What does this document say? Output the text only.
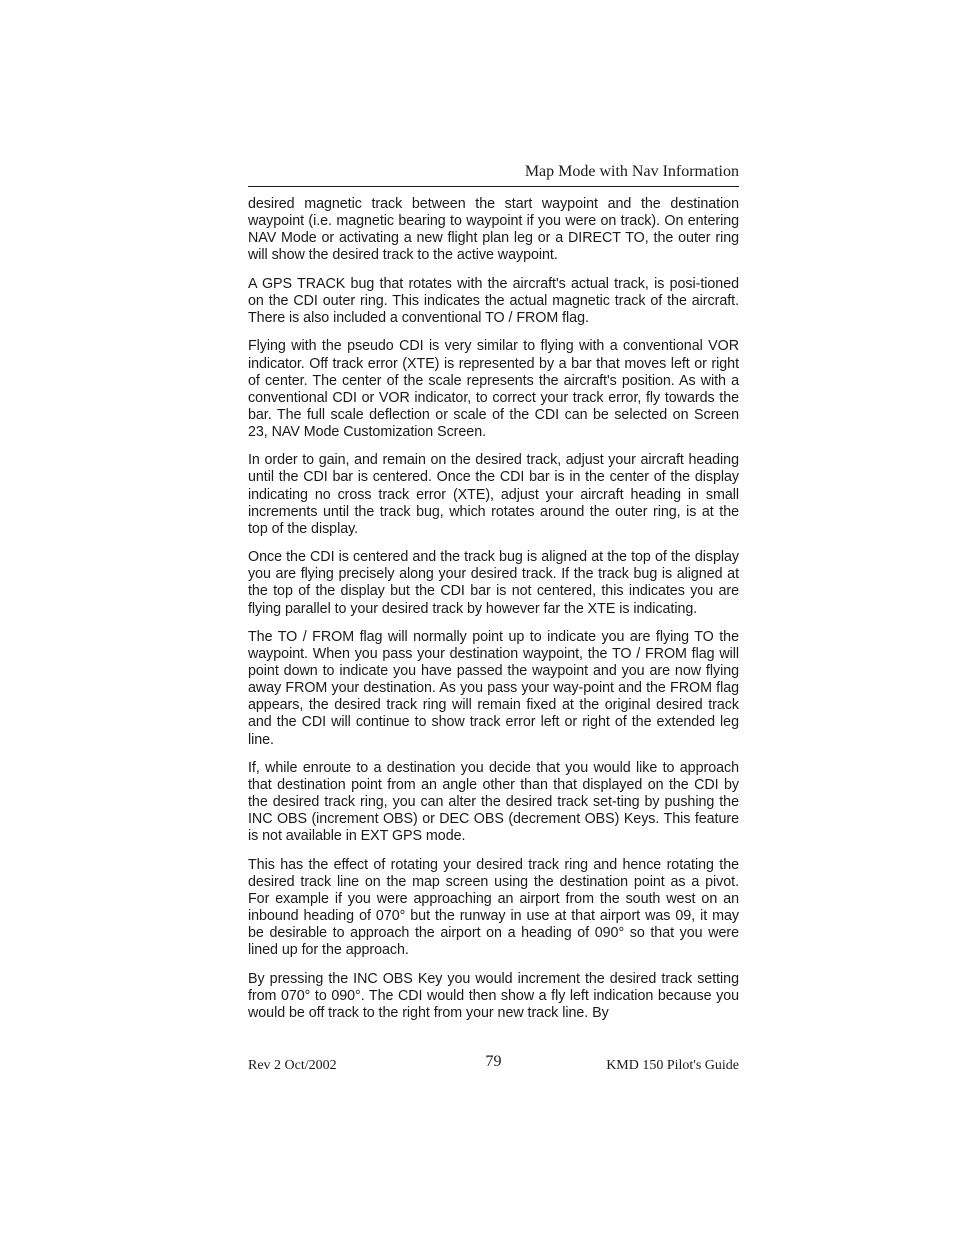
Map Mode with Nav Information

desired magnetic track between the start waypoint and the destination waypoint (i.e. magnetic bearing to waypoint if you were on track). On entering NAV Mode or activating a new flight plan leg or a DIRECT TO, the outer ring will show the desired track to the active waypoint.

A GPS TRACK bug that rotates with the aircraft's actual track, is posi-tioned on the CDI outer ring. This indicates the actual magnetic track of the aircraft. There is also included a conventional TO / FROM flag.

Flying with the pseudo CDI is very similar to flying with a conventional VOR indicator. Off track error (XTE) is represented by a bar that moves left or right of center. The center of the scale represents the aircraft's position. As with a conventional CDI or VOR indicator, to correct your track error, fly towards the bar. The full scale deflection or scale of the CDI can be selected on Screen 23, NAV Mode Customization Screen.

In order to gain, and remain on the desired track, adjust your aircraft heading until the CDI bar is centered. Once the CDI bar is in the center of the display indicating no cross track error (XTE), adjust your aircraft heading in small increments until the track bug, which rotates around the outer ring, is at the top of the display.

Once the CDI is centered and the track bug is aligned at the top of the display you are flying precisely along your desired track. If the track bug is aligned at the top of the display but the CDI bar is not centered, this indicates you are flying parallel to your desired track by however far the XTE is indicating.

The TO / FROM flag will normally point up to indicate you are flying TO the waypoint. When you pass your destination waypoint, the TO / FROM flag will point down to indicate you have passed the waypoint and you are now flying away FROM your destination. As you pass your way-point and the FROM flag appears, the desired track ring will remain fixed at the original desired track and the CDI will continue to show track error left or right of the extended leg line.

If, while enroute to a destination you decide that you would like to approach that destination point from an angle other than that displayed on the CDI by the desired track ring, you can alter the desired track set-ting by pushing the INC OBS (increment OBS) or DEC OBS (decrement OBS) Keys. This feature is not available in EXT GPS mode.

This has the effect of rotating your desired track ring and hence rotating the desired track line on the map screen using the destination point as a pivot. For example if you were approaching an airport from the south west on an inbound heading of 070° but the runway in use at that airport was 09, it may be desirable to approach the airport on a heading of 090° so that you were lined up for the approach.

By pressing the INC OBS Key you would increment the desired track setting from 070° to 090°. The CDI would then show a fly left indication because you would be off track to the right from your new track line. By

Rev 2 Oct/2002	79	KMD 150 Pilot's Guide
